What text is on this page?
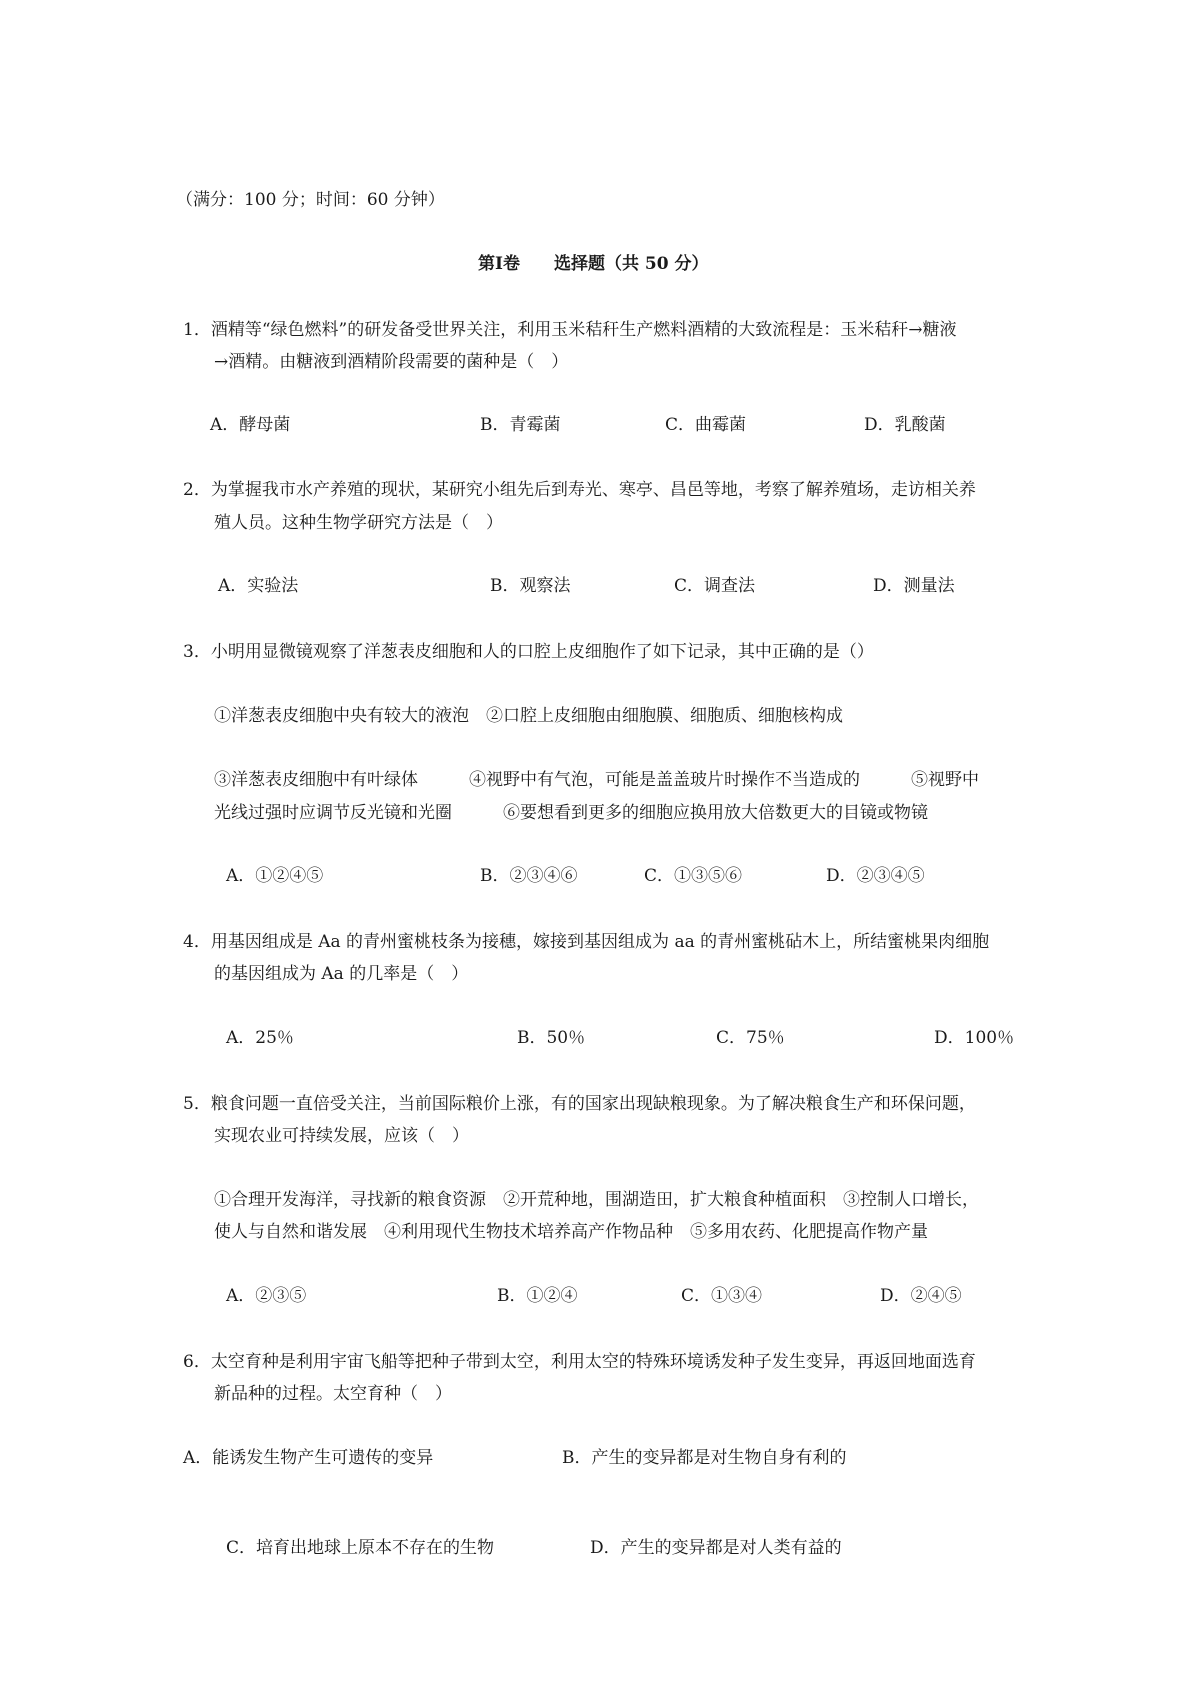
（满分：100 分；时间：60 分钟）
第Ⅰ卷　　选择题（共 50 分）
1．酒精等“绿色燃料”的研发备受世界关注，利用玉米秸秆生产燃料酒精的大致流程是：玉米秸秆→糖液
→酒精。由糖液到酒精阶段需要的菌种是（　）
A．酵母菌	B．青霉菌	C．曲霉菌	D．乳酸菌
2．为掌握我市水产养殖的现状，某研究小组先后到寿光、寒亭、昌邑等地，考察了解养殖场，走访相关养
殖人员。这种生物学研究方法是（　）
A．实验法	B．观察法	C．调查法	D．测量法
3．小明用显微镜观察了洋葱表皮细胞和人的口腔上皮细胞作了如下记录，其中正确的是（）
①洋葱表皮细胞中央有较大的液泡　②口腔上皮细胞由细胞膜、细胞质、细胞核构成
③洋葱表皮细胞中有叶绿体　　　④视野中有气泡，可能是盖盖玻片时操作不当造成的　　　⑤视野中
光线过强时应调节反光镜和光圈　　　⑥要想看到更多的细胞应换用放大倍数更大的目镜或物镜
A．①②④⑤	B．②③④⑥	C．①③⑤⑥	D．②③④⑤
4．用基因组成是 Aa 的青州蜜桃枝条为接穗，嫁接到基因组成为 aa 的青州蜜桃砧木上，所结蜜桃果肉细胞
的基因组成为 Aa 的几率是（　）
A．25％	B．50％	C．75％	D．100％
5．粮食问题一直倍受关注，当前国际粮价上涨，有的国家出现缺粮现象。为了解决粮食生产和环保问题，
实现农业可持续发展，应该（　）
①合理开发海洋，寻找新的粮食资源　②开荒种地，围湖造田，扩大粮食种植面积　③控制人口增长，
使人与自然和谐发展　④利用现代生物技术培养高产作物品种　⑤多用农药、化肥提高作物产量
A．②③⑤	B．①②④	C．①③④	D．②④⑤
6．太空育种是利用宇宙飞船等把种子带到太空，利用太空的特殊环境诱发种子发生变异，再返回地面选育
新品种的过程。太空育种（　）
A．能诱发生物产生可遗传的变异	B．产生的变异都是对生物自身有利的
C．培育出地球上原本不存在的生物	D．产生的变异都是对人类有益的
